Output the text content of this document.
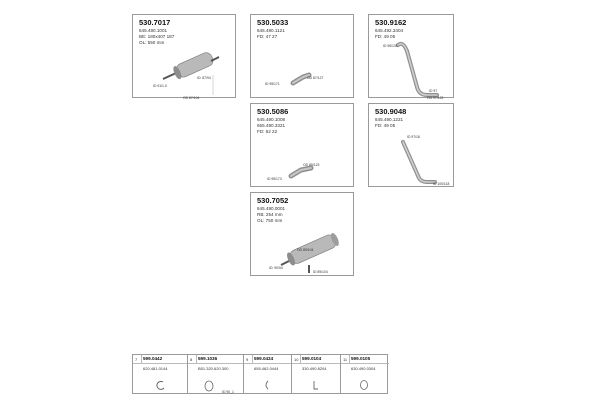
ID: 87/94
OD 87/104
ID 91/1.0
530.7017
645.490.1001
BE: 180x407 187
OL: 550 mm
OD 87/127
ID 95/171
530.5033
645.490.1121
FD: 47 27
ID 95/131
ID 97
OD 97/122
530.9162
645.492.3404
FD: 49 05
OD 89/123
ID 95/173
530.5086
645.490.1008
655.490.3321
FD: 62 22
ID 97/18
ID 100/118
530.9048
645.490.1221
FD: 49 05
ID: 90/94
ID 89/104
OD 89/104
530.7052
645.490.0001
RB: 254 mm
OL: 750 mm
7 599.0442
620.481.0144
8 599.1036
B51.320.620.300
ID 90_1
9 599.0434
655.462.0444
10 599.0104
330.490.8204
11 599.0105
630.490.0304
